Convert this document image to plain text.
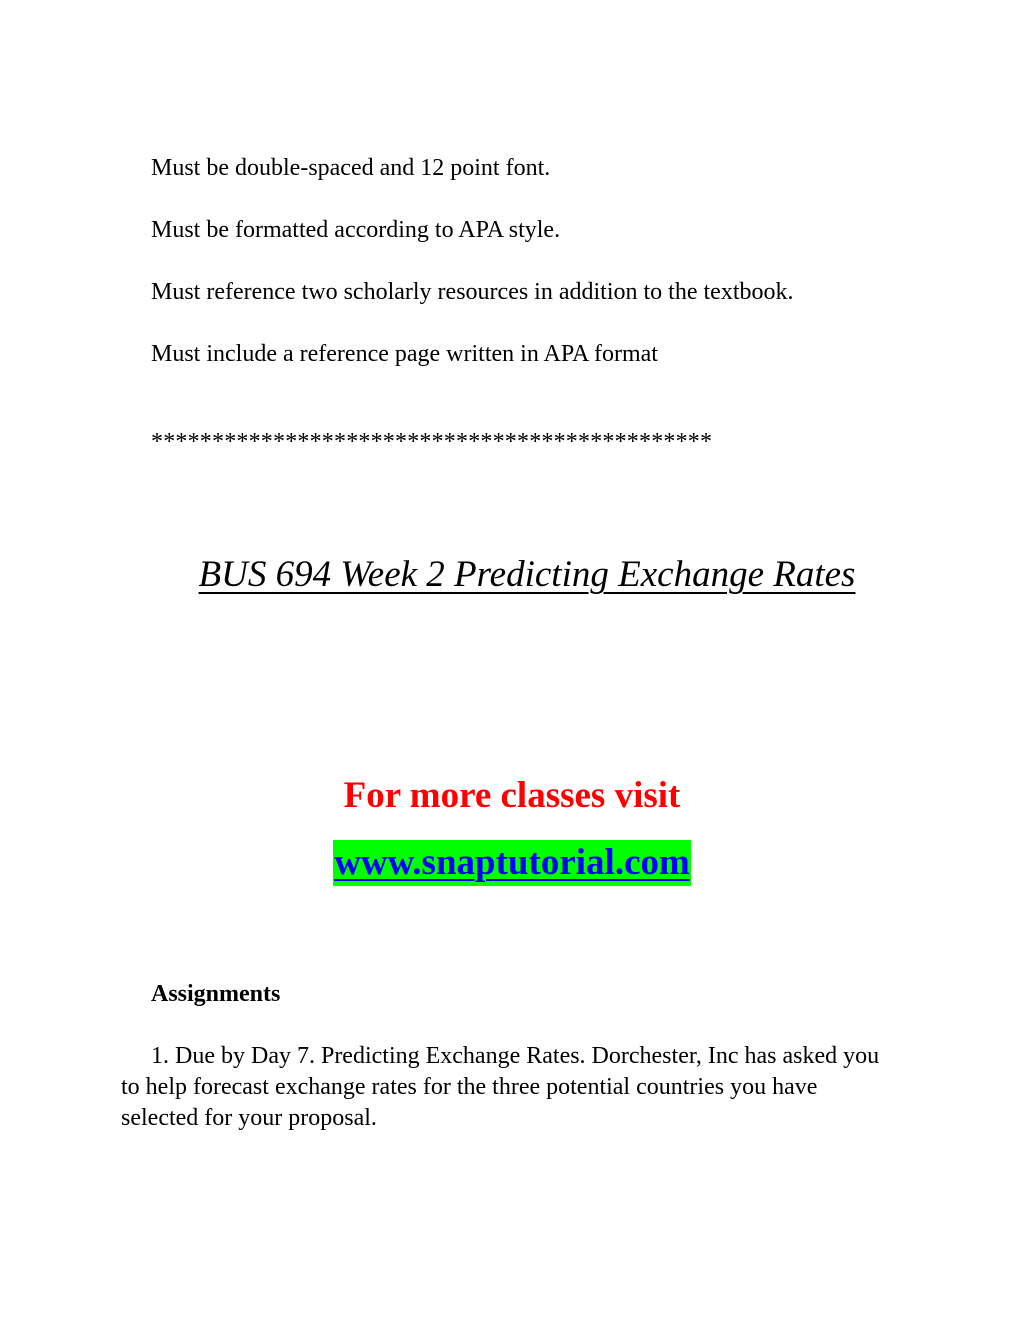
Must be double-spaced and 12 point font.

Must be formatted according to APA style.

Must reference two scholarly resources in addition to the textbook.

Must include a reference page written in APA format

**********************************************

BUS 694 Week 2 Predicting Exchange Rates
For more classes visit
www.snaptutorial.com

Assignments

1. Due by Day 7. Predicting Exchange Rates. Dorchester, Inc has asked you to help forecast exchange rates for the three potential countries you have selected for your proposal.
